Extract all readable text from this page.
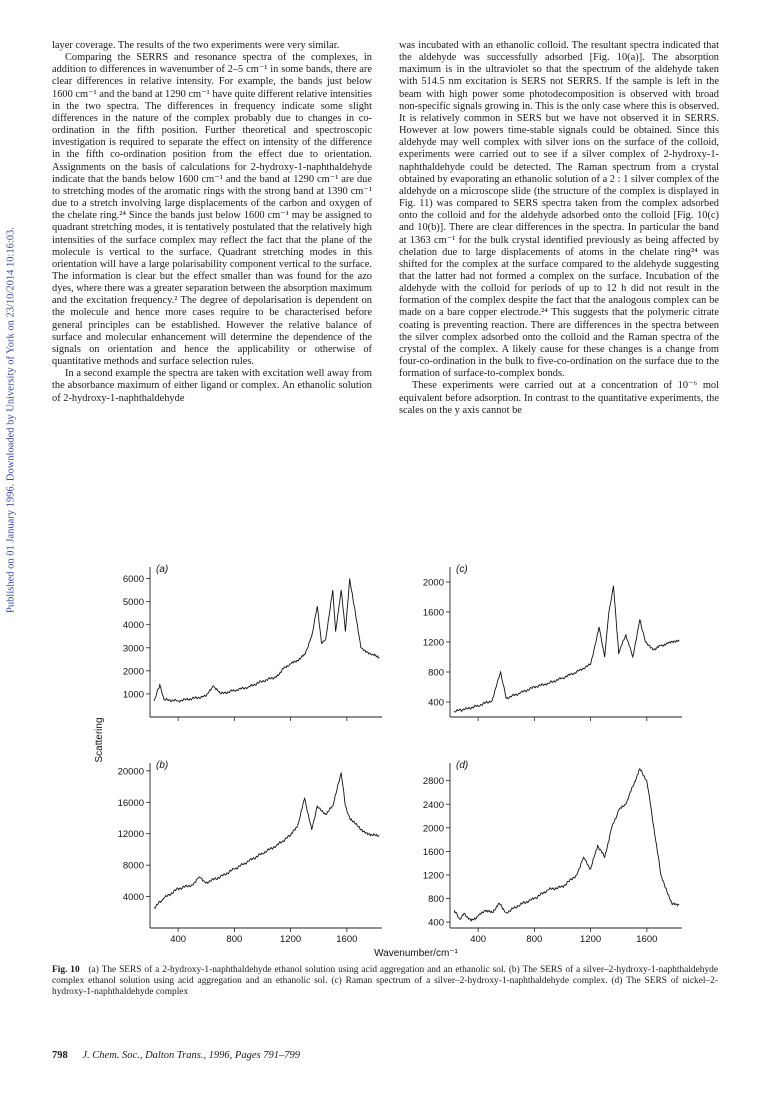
Published on 01 January 1996. Downloaded by University of York on 23/10/2014 10:16:03.

layer coverage. The results of the two experiments were very similar.

Comparing the SERRS and resonance spectra of the complexes, in addition to differences in wavenumber of 2–5 cm⁻¹ in some bands, there are clear differences in relative intensity. For example, the bands just below 1600 cm⁻¹ and the band at 1290 cm⁻¹ have quite different relative intensities in the two spectra. The differences in frequency indicate some slight differences in the nature of the complex probably due to changes in co-ordination in the fifth position. Further theoretical and spectroscopic investigation is required to separate the effect on intensity of the difference in the fifth co-ordination position from the effect due to orientation. Assignments on the basis of calculations for 2-hydroxy-1-naphthaldehyde indicate that the bands below 1600 cm⁻¹ and the band at 1290 cm⁻¹ are due to stretching modes of the aromatic rings with the strong band at 1390 cm⁻¹ due to a stretch involving large displacements of the carbon and oxygen of the chelate ring.²⁴ Since the bands just below 1600 cm⁻¹ may be assigned to quadrant stretching modes, it is tentatively postulated that the relatively high intensities of the surface complex may reflect the fact that the plane of the molecule is vertical to the surface. Quadrant stretching modes in this orientation will have a large polarisability component vertical to the surface. The information is clear but the effect smaller than was found for the azo dyes, where there was a greater separation between the absorption maximum and the excitation frequency.² The degree of depolarisation is dependent on the molecule and hence more cases require to be characterised before general principles can be established. However the relative balance of surface and molecular enhancement will determine the dependence of the signals on orientation and hence the applicability or otherwise of quantitative methods and surface selection rules.

In a second example the spectra are taken with excitation well away from the absorbance maximum of either ligand or complex. An ethanolic solution of 2-hydroxy-1-naphthaldehyde

was incubated with an ethanolic colloid. The resultant spectra indicated that the aldehyde was successfully adsorbed [Fig. 10(a)]. The absorption maximum is in the ultraviolet so that the spectrum of the aldehyde taken with 514.5 nm excitation is SERS not SERRS. If the sample is left in the beam with high power some photodecomposition is observed with broad non-specific signals growing in. This is the only case where this is observed. It is relatively common in SERS but we have not observed it in SERRS. However at low powers time-stable signals could be obtained. Since this aldehyde may well complex with silver ions on the surface of the colloid, experiments were carried out to see if a silver complex of 2-hydroxy-1-naphthaldehyde could be detected. The Raman spectrum from a crystal obtained by evaporating an ethanolic solution of a 2 : 1 silver complex of the aldehyde on a microscope slide (the structure of the complex is displayed in Fig. 11) was compared to SERS spectra taken from the complex adsorbed onto the colloid and for the aldehyde adsorbed onto the colloid [Fig. 10(c) and 10(b)]. There are clear differences in the spectra. In particular the band at 1363 cm⁻¹ for the bulk crystal identified previously as being affected by chelation due to large displacements of atoms in the chelate ring²⁴ was shifted for the complex at the surface compared to the aldehyde suggesting that the latter had not formed a complex on the surface. Incubation of the aldehyde with the colloid for periods of up to 12 h did not result in the formation of the complex despite the fact that the analogous complex can be made on a bare copper electrode.²⁴ This suggests that the polymeric citrate coating is preventing reaction. There are differences in the spectra between the silver complex adsorbed onto the colloid and the Raman spectra of the crystal of the complex. A likely cause for these changes is a change from four-co-ordination in the bulk to five-co-ordination on the surface due to the formation of surface-to-complex bonds.

These experiments were carried out at a concentration of 10⁻⁶ mol equivalent before adsorption. In contrast to the quantitative experiments, the scales on the y axis cannot be

1000
2000
3000
4000
5000
6000
(a)
400
800
1200
1600
2000
(c)
4000
8000
12000
16000
20000
400	800	1200	1600
(b)
400
800
1200
1600
2000
2400
2800
400	800	1200	1600
(d)
Scattering
Wavenumber/cm⁻¹
Fig. 10 (a) The SERS of a 2-hydroxy-1-naphthaldehyde ethanol solution using acid aggregation and an ethanolic sol. (b) The SERS of a silver–2-hydroxy-1-naphthaldehyde complex ethanol solution using acid aggregation and an ethanolic sol. (c) Raman spectrum of a silver–2-hydroxy-1-naphthaldehyde complex. (d) The SERS of nickel–2-hydroxy-1-naphthaldehyde complex
798 J. Chem. Soc., Dalton Trans., 1996, Pages 791–799
